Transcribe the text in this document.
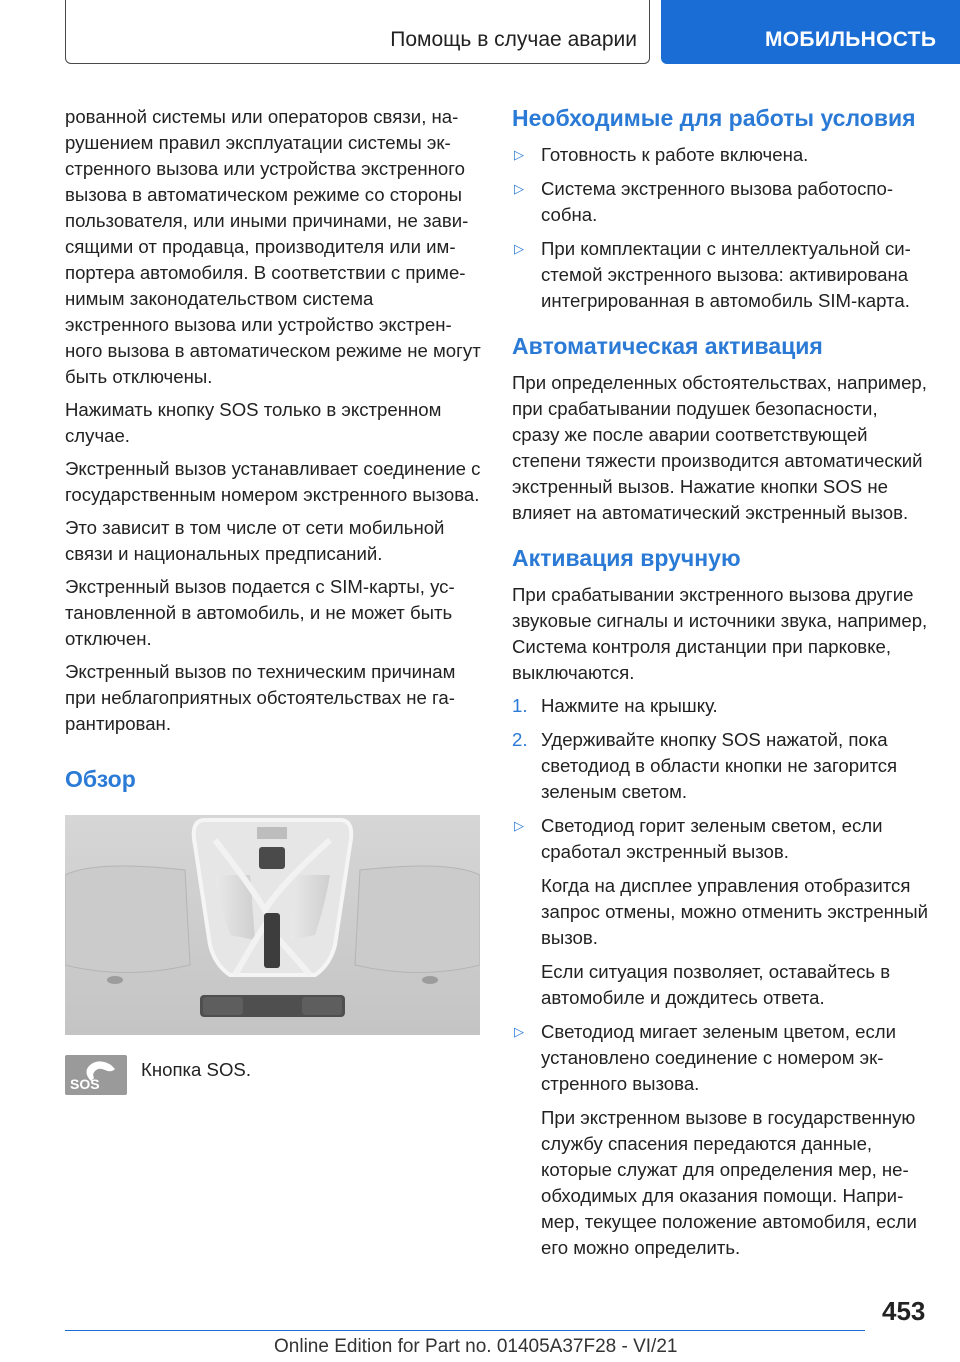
Помощь в случае аварии	МОБИЛЬНОСТЬ

рованной системы или операторов связи, нарушением правил эксплуатации системы экстренного вызова или устройства экстренного вызова в автоматическом режиме со стороны пользователя, или иными причинами, не зависящими от продавца, производителя или импортера автомобиля. В соответствии с применимым законодательством система экстренного вызова или устройство экстренного вызова в автоматическом режиме не могут быть отключены.

Нажимать кнопку SOS только в экстренном случае.

Экстренный вызов устанавливает соединение с государственным номером экстренного вызова.

Это зависит в том числе от сети мобильной связи и национальных предписаний.

Экстренный вызов подается с SIM-карты, установленной в автомобиль, и не может быть отключен.

Экстренный вызов по техническим причинам при неблагоприятных обстоятельствах не гарантирован.

Обзор
SOS
Кнопка SOS.
Необходимые для работы условия
▷ Готовность к работе включена.
▷ Система экстренного вызова работоспособна.
▷ При комплектации с интеллектуальной системой экстренного вызова: активирована интегрированная в автомобиль SIM-карта.
Автоматическая активация

При определенных обстоятельствах, например, при срабатывании подушек безопасности, сразу же после аварии соответствующей степени тяжести производится автоматический экстренный вызов. Нажатие кнопки SOS не влияет на автоматический экстренный вызов.

Активация вручную

При срабатывании экстренного вызова другие звуковые сигналы и источники звука, например, Система контроля дистанции при парковке, выключаются.

1. Нажмите на крышку.
2. Удерживайте кнопку SOS нажатой, пока светодиод в области кнопки не загорится зеленым светом.
▷ Светодиод горит зеленым светом, если сработал экстренный вызов.

Когда на дисплее управления отобразится запрос отмены, можно отменить экстренный вызов.

Если ситуация позволяет, оставайтесь в автомобиле и дождитесь ответа.

▷ Светодиод мигает зеленым цветом, если установлено соединение с номером экстренного вызова.

При экстренном вызове в государственную службу спасения передаются данные, которые служат для определения мер, необходимых для оказания помощи. Например, текущее положение автомобиля, если его можно определить.

453
Online Edition for Part no. 01405A37F28 - VI/21
